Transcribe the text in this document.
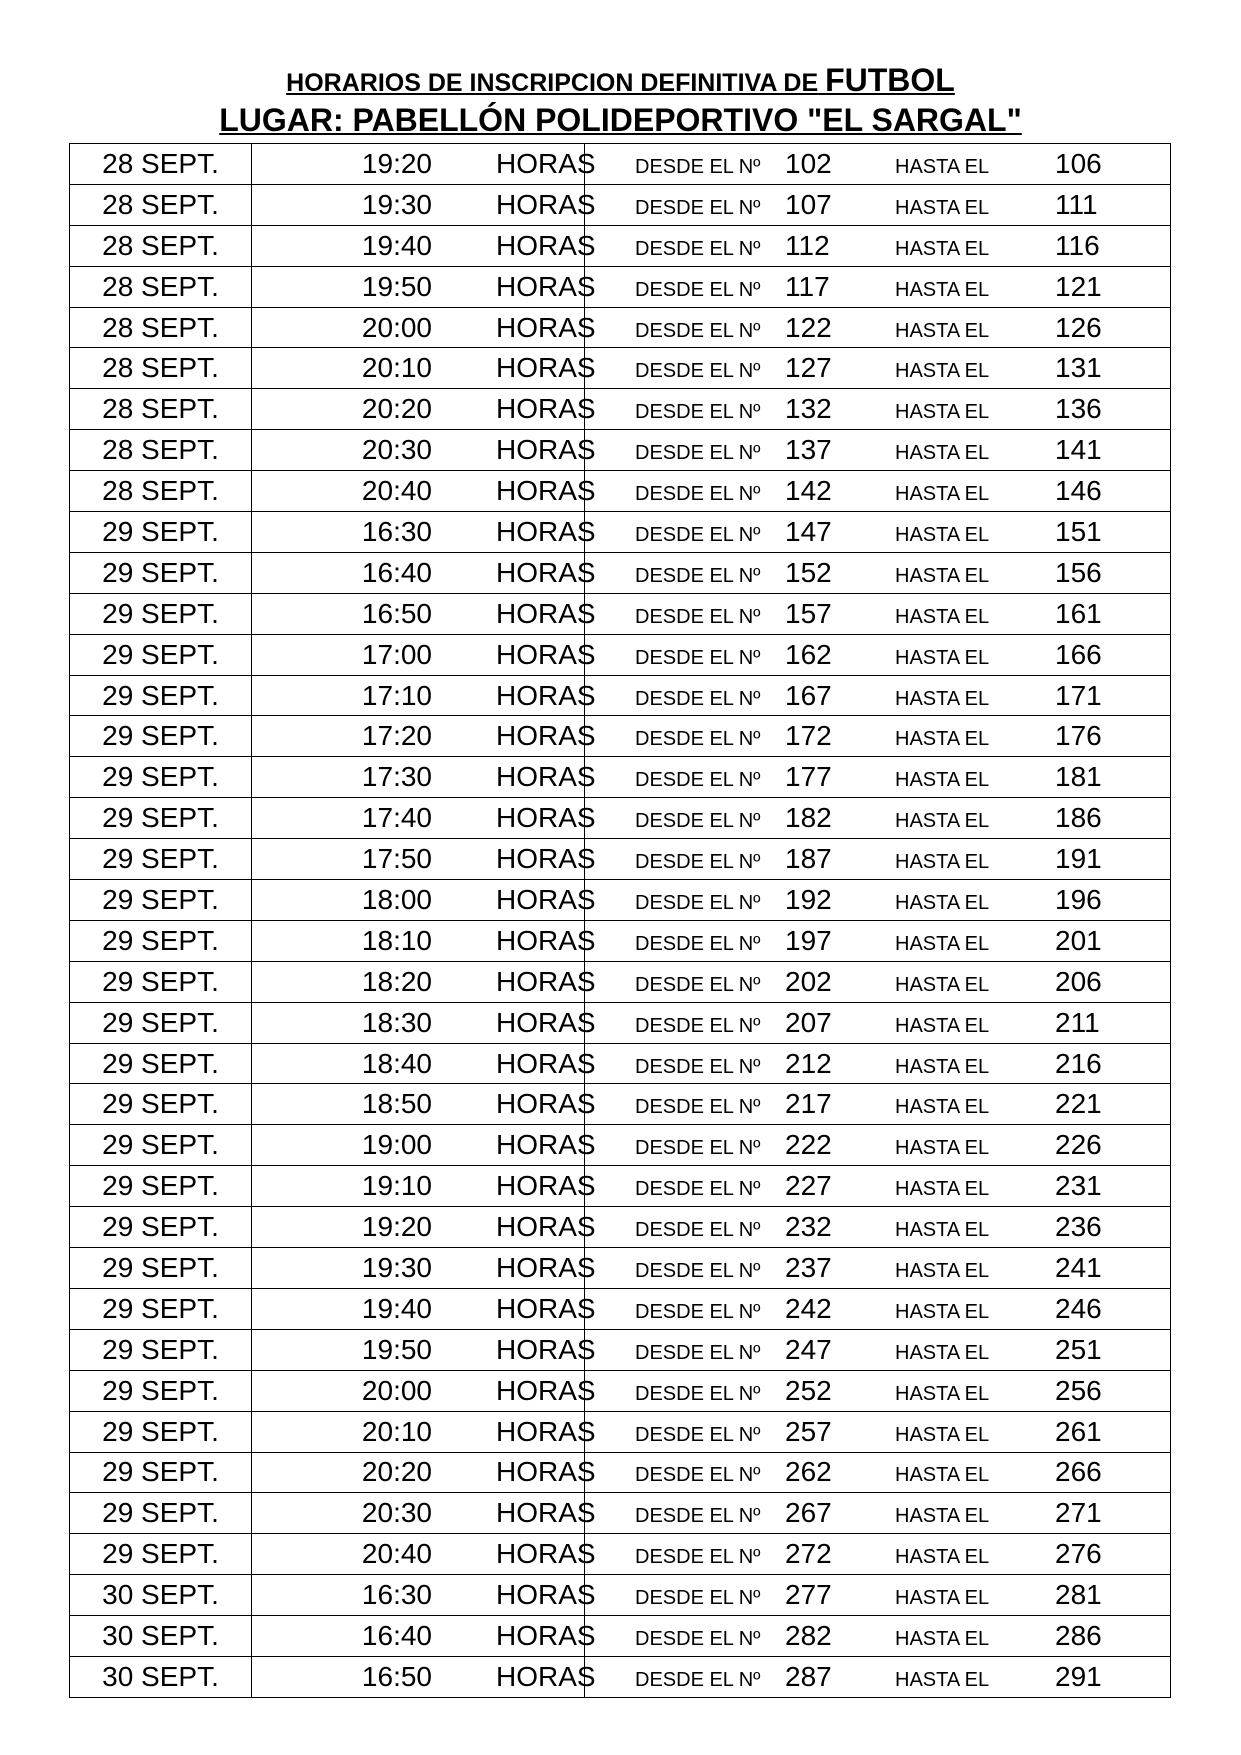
HORARIOS DE INSCRIPCION DEFINITIVA DE FUTBOL
LUGAR: PABELLÓN POLIDEPORTIVO "EL SARGAL"
28 SEPT.	19:20 HORAS	DESDE EL Nº 102 HASTA EL 106
28 SEPT.	19:30 HORAS	DESDE EL Nº 107 HASTA EL 111
28 SEPT.	19:40 HORAS	DESDE EL Nº 112 HASTA EL 116
28 SEPT.	19:50 HORAS	DESDE EL Nº 117 HASTA EL 121
28 SEPT.	20:00 HORAS	DESDE EL Nº 122 HASTA EL 126
28 SEPT.	20:10 HORAS	DESDE EL Nº 127 HASTA EL 131
28 SEPT.	20:20 HORAS	DESDE EL Nº 132 HASTA EL 136
28 SEPT.	20:30 HORAS	DESDE EL Nº 137 HASTA EL 141
28 SEPT.	20:40 HORAS	DESDE EL Nº 142 HASTA EL 146
29 SEPT.	16:30 HORAS	DESDE EL Nº 147 HASTA EL 151
29 SEPT.	16:40 HORAS	DESDE EL Nº 152 HASTA EL 156
29 SEPT.	16:50 HORAS	DESDE EL Nº 157 HASTA EL 161
29 SEPT.	17:00 HORAS	DESDE EL Nº 162 HASTA EL 166
29 SEPT.	17:10 HORAS	DESDE EL Nº 167 HASTA EL 171
29 SEPT.	17:20 HORAS	DESDE EL Nº 172 HASTA EL 176
29 SEPT.	17:30 HORAS	DESDE EL Nº 177 HASTA EL 181
29 SEPT.	17:40 HORAS	DESDE EL Nº 182 HASTA EL 186
29 SEPT.	17:50 HORAS	DESDE EL Nº 187 HASTA EL 191
29 SEPT.	18:00 HORAS	DESDE EL Nº 192 HASTA EL 196
29 SEPT.	18:10 HORAS	DESDE EL Nº 197 HASTA EL 201
29 SEPT.	18:20 HORAS	DESDE EL Nº 202 HASTA EL 206
29 SEPT.	18:30 HORAS	DESDE EL Nº 207 HASTA EL 211
29 SEPT.	18:40 HORAS	DESDE EL Nº 212 HASTA EL 216
29 SEPT.	18:50 HORAS	DESDE EL Nº 217 HASTA EL 221
29 SEPT.	19:00 HORAS	DESDE EL Nº 222 HASTA EL 226
29 SEPT.	19:10 HORAS	DESDE EL Nº 227 HASTA EL 231
29 SEPT.	19:20 HORAS	DESDE EL Nº 232 HASTA EL 236
29 SEPT.	19:30 HORAS	DESDE EL Nº 237 HASTA EL 241
29 SEPT.	19:40 HORAS	DESDE EL Nº 242 HASTA EL 246
29 SEPT.	19:50 HORAS	DESDE EL Nº 247 HASTA EL 251
29 SEPT.	20:00 HORAS	DESDE EL Nº 252 HASTA EL 256
29 SEPT.	20:10 HORAS	DESDE EL Nº 257 HASTA EL 261
29 SEPT.	20:20 HORAS	DESDE EL Nº 262 HASTA EL 266
29 SEPT.	20:30 HORAS	DESDE EL Nº 267 HASTA EL 271
29 SEPT.	20:40 HORAS	DESDE EL Nº 272 HASTA EL 276
30 SEPT.	16:30 HORAS	DESDE EL Nº 277 HASTA EL 281
30 SEPT.	16:40 HORAS	DESDE EL Nº 282 HASTA EL 286
30 SEPT.	16:50 HORAS	DESDE EL Nº 287 HASTA EL 291
